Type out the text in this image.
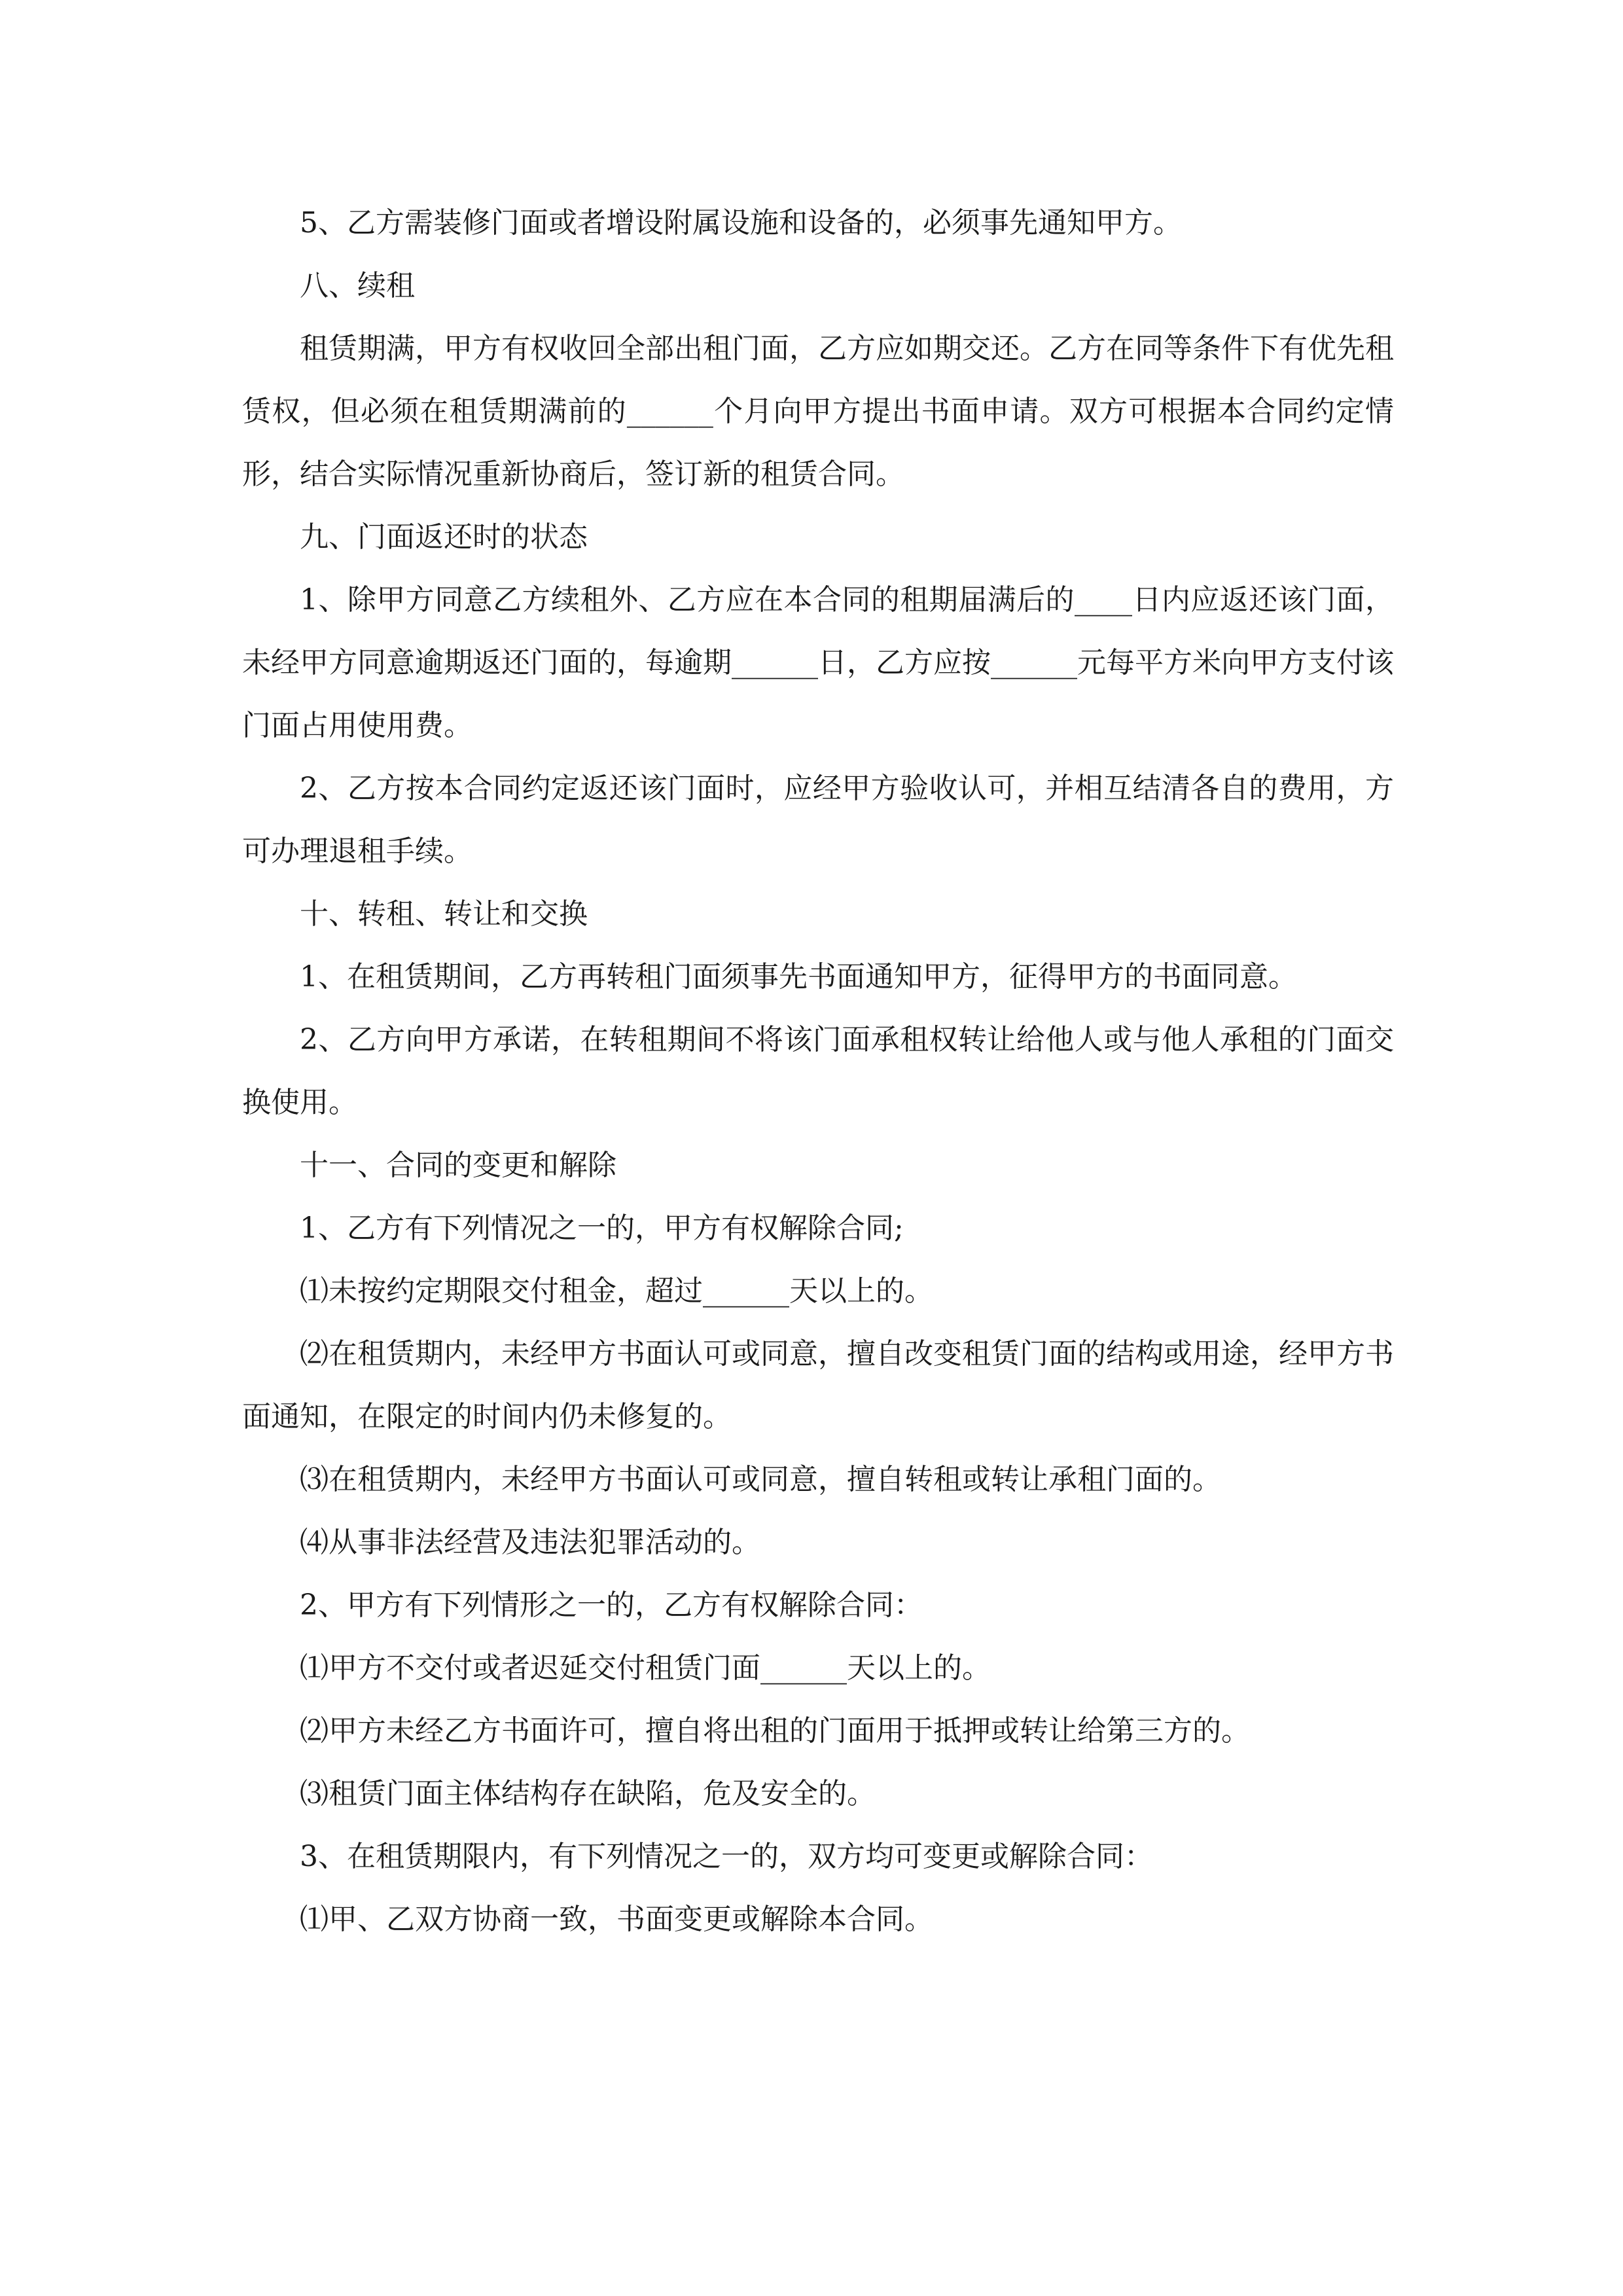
5、乙方需装修门面或者增设附属设施和设备的，必须事先通知甲方。

八、续租

租赁期满，甲方有权收回全部出租门面，乙方应如期交还。乙方在同等条件下有优先租赁权，但必须在租赁期满前的______个月向甲方提出书面申请。双方可根据本合同约定情形，结合实际情况重新协商后，签订新的租赁合同。

九、门面返还时的状态

1、除甲方同意乙方续租外、乙方应在本合同的租期届满后的____日内应返还该门面，未经甲方同意逾期返还门面的，每逾期______日，乙方应按______元每平方米向甲方支付该门面占用使用费。

2、乙方按本合同约定返还该门面时，应经甲方验收认可，并相互结清各自的费用，方可办理退租手续。

十、转租、转让和交换

1、在租赁期间，乙方再转租门面须事先书面通知甲方，征得甲方的书面同意。

2、乙方向甲方承诺，在转租期间不将该门面承租权转让给他人或与他人承租的门面交换使用。

十一、合同的变更和解除

1、乙方有下列情况之一的，甲方有权解除合同;

⑴未按约定期限交付租金，超过______天以上的。

⑵在租赁期内，未经甲方书面认可或同意，擅自改变租赁门面的结构或用途，经甲方书面通知，在限定的时间内仍未修复的。

⑶在租赁期内，未经甲方书面认可或同意，擅自转租或转让承租门面的。

⑷从事非法经营及违法犯罪活动的。

2、甲方有下列情形之一的，乙方有权解除合同：

⑴甲方不交付或者迟延交付租赁门面______天以上的。

⑵甲方未经乙方书面许可，擅自将出租的门面用于抵押或转让给第三方的。

⑶租赁门面主体结构存在缺陷，危及安全的。

3、在租赁期限内，有下列情况之一的，双方均可变更或解除合同：

⑴甲、乙双方协商一致，书面变更或解除本合同。
